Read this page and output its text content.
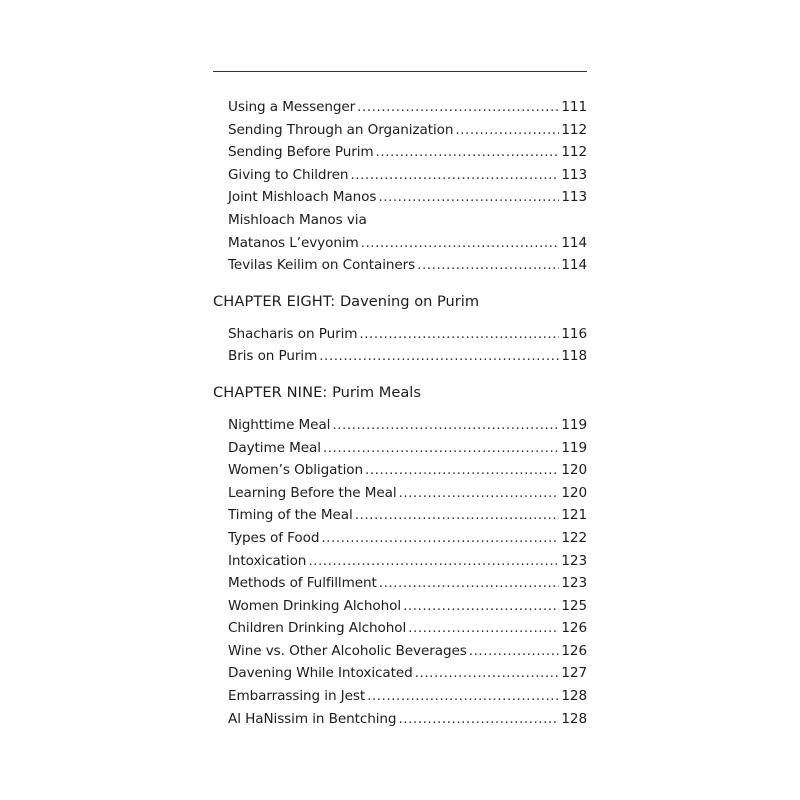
Using a Messenger .....	111
Sending Through an Organization .....	112
Sending Before Purim .....	112
Giving to Children .....	113
Joint Mishloach Manos .....	113
Mishloach Manos via
Matanos L’evyonim .....	114
Tevilas Keilim on Containers .....	114
CHAPTER EIGHT: Davening on Purim
Shacharis on Purim .....	116
Bris on Purim .....	118
CHAPTER NINE: Purim Meals
Nighttime Meal .....	119
Daytime Meal .....	119
Women’s Obligation .....	120
Learning Before the Meal .....	120
Timing of the Meal .....	121
Types of Food .....	122
Intoxication .....	123
Methods of Fulfillment .....	123
Women Drinking Alchohol .....	125
Children Drinking Alchohol .....	126
Wine vs. Other Alcoholic Beverages .....	126
Davening While Intoxicated .....	127
Embarrassing in Jest .....	128
Al HaNissim in Bentching .....	128
